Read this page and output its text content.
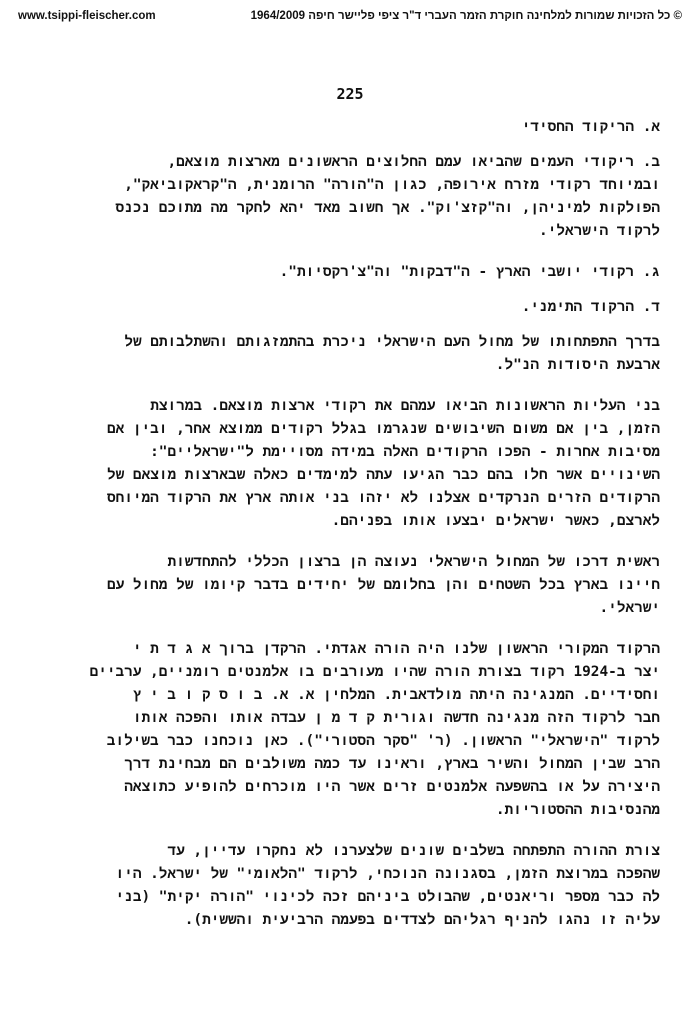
www.tsippi-fleischer.com	© כל הזכויות שמורות למלחינה חוקרת הזמר העברי ד"ר ציפי פליישר חיפה 1964/2009
225

א. הריקוד החסידי

ב. ריקודי העמים שהביאו עמם החלוצים הראשונים מארצות מוצאם,
ובמיוחד רקודי מזרח אירופה, כגון ה"הורה" הרומנית, ה"קראקוביאק",
הפולקות למיניהן, וה"קזצ'וק". אך חשוב מאד יהא לחקר מה מתוכם נכנס
לרקוד הישראלי.

ג. רקודי יושבי הארץ - ה"דבקות" וה"צ'רקסיות".

ד. הרקוד התימני.

בדרך התפתחותו של מחול העם הישראלי ניכרת בהתמזגותם והשתלבותם של
ארבעת היסודות הנ"ל.

בני העליות הראשונות הביאו עמהם את רקודי ארצות מוצאם. במרוצת
הזמן, בין אם משום השיבושים שנגרמו בגלל רקודים ממוצא אחר, ובין אם
מסיבות אחרות - הפכו הרקודים האלה במידה מסויימת ל"ישראליים":
השינויים אשר חלו בהם כבר הגיעו עתה למימדים כאלה שבארצות מוצאם של
הרקודים הזרים הנרקדים אצלנו לא יזהו בני אותה ארץ את הרקוד המיוחס
לארצם, כאשר ישראלים יבצעו אותו בפניהם.

ראשית דרכו של המחול הישראלי נעוצה הן ברצון הכללי להתחדשות
חיינו בארץ בכל השטחים והן בחלומם של יחידים בדבר קיומו של מחול עם
ישראלי.

הרקוד המקורי הראשון שלנו היה הורה אגדתי. הרקדן ברוך א ג ד ת י
יצר ב-1924 רקוד בצורת הורה שהיו מעורבים בו אלמנטים רומניים, ערביים
וחסידיים. המנגינה היתה מולדאבית. המלחין א. א. ב ו ס ק ו ב י ץ
חבר לרקוד הזה מנגינה חדשה וגורית ק ד מ ן עבדה אותו והפכה אותו
לרקוד "הישראלי" הראשון. (ר' "סקר הסטורי"). כאן נוכחנו כבר בשילוב
הרב שבין המחול והשיר בארץ, וראינו עד כמה משולבים הם מבחינת דרך
היצירה על או בהשפעה אלמנטים זרים אשר היו מוכרחים להופיע כתוצאה
מהנסיבות ההסטוריות.

צורת ההורה התפתחה בשלבים שונים שלצערנו לא נחקרו עדיין, עד
שהפכה במרוצת הזמן, בסגנונה הנוכחי, לרקוד "הלאומי" של ישראל. היו
לה כבר מספר וריאנטים, שהבולט ביניהם זכה לכינוי "הורה יקית" (בני
עליה זו נהגו להניף רגליהם לצדדים בפעמה הרביעית והששית).
